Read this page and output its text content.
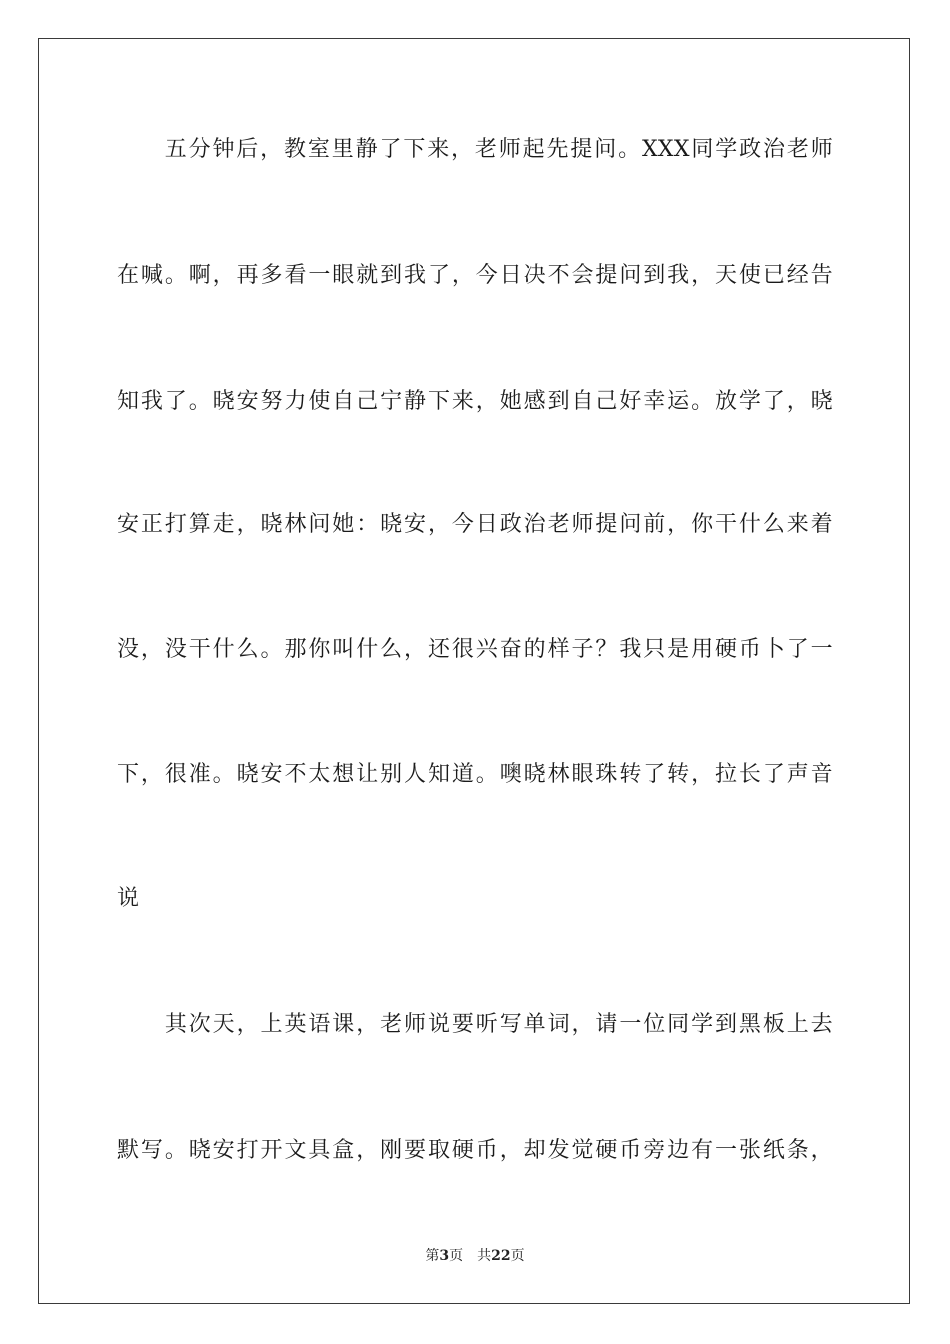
　　五分钟后，教室里静了下来，老师起先提问。XXX同学政治老师
在喊。啊，再多看一眼就到我了，今日决不会提问到我，天使已经告
知我了。晓安努力使自己宁静下来，她感到自己好幸运。放学了，晓
安正打算走，晓林问她：晓安，今日政治老师提问前，你干什么来着
没，没干什么。那你叫什么，还很兴奋的样子？我只是用硬币卜了一
下，很准。晓安不太想让别人知道。噢晓林眼珠转了转，拉长了声音
说
　　其次天，上英语课，老师说要听写单词，请一位同学到黑板上去
默写。晓安打开文具盒，刚要取硬币，却发觉硬币旁边有一张纸条，
第3页 共22页
